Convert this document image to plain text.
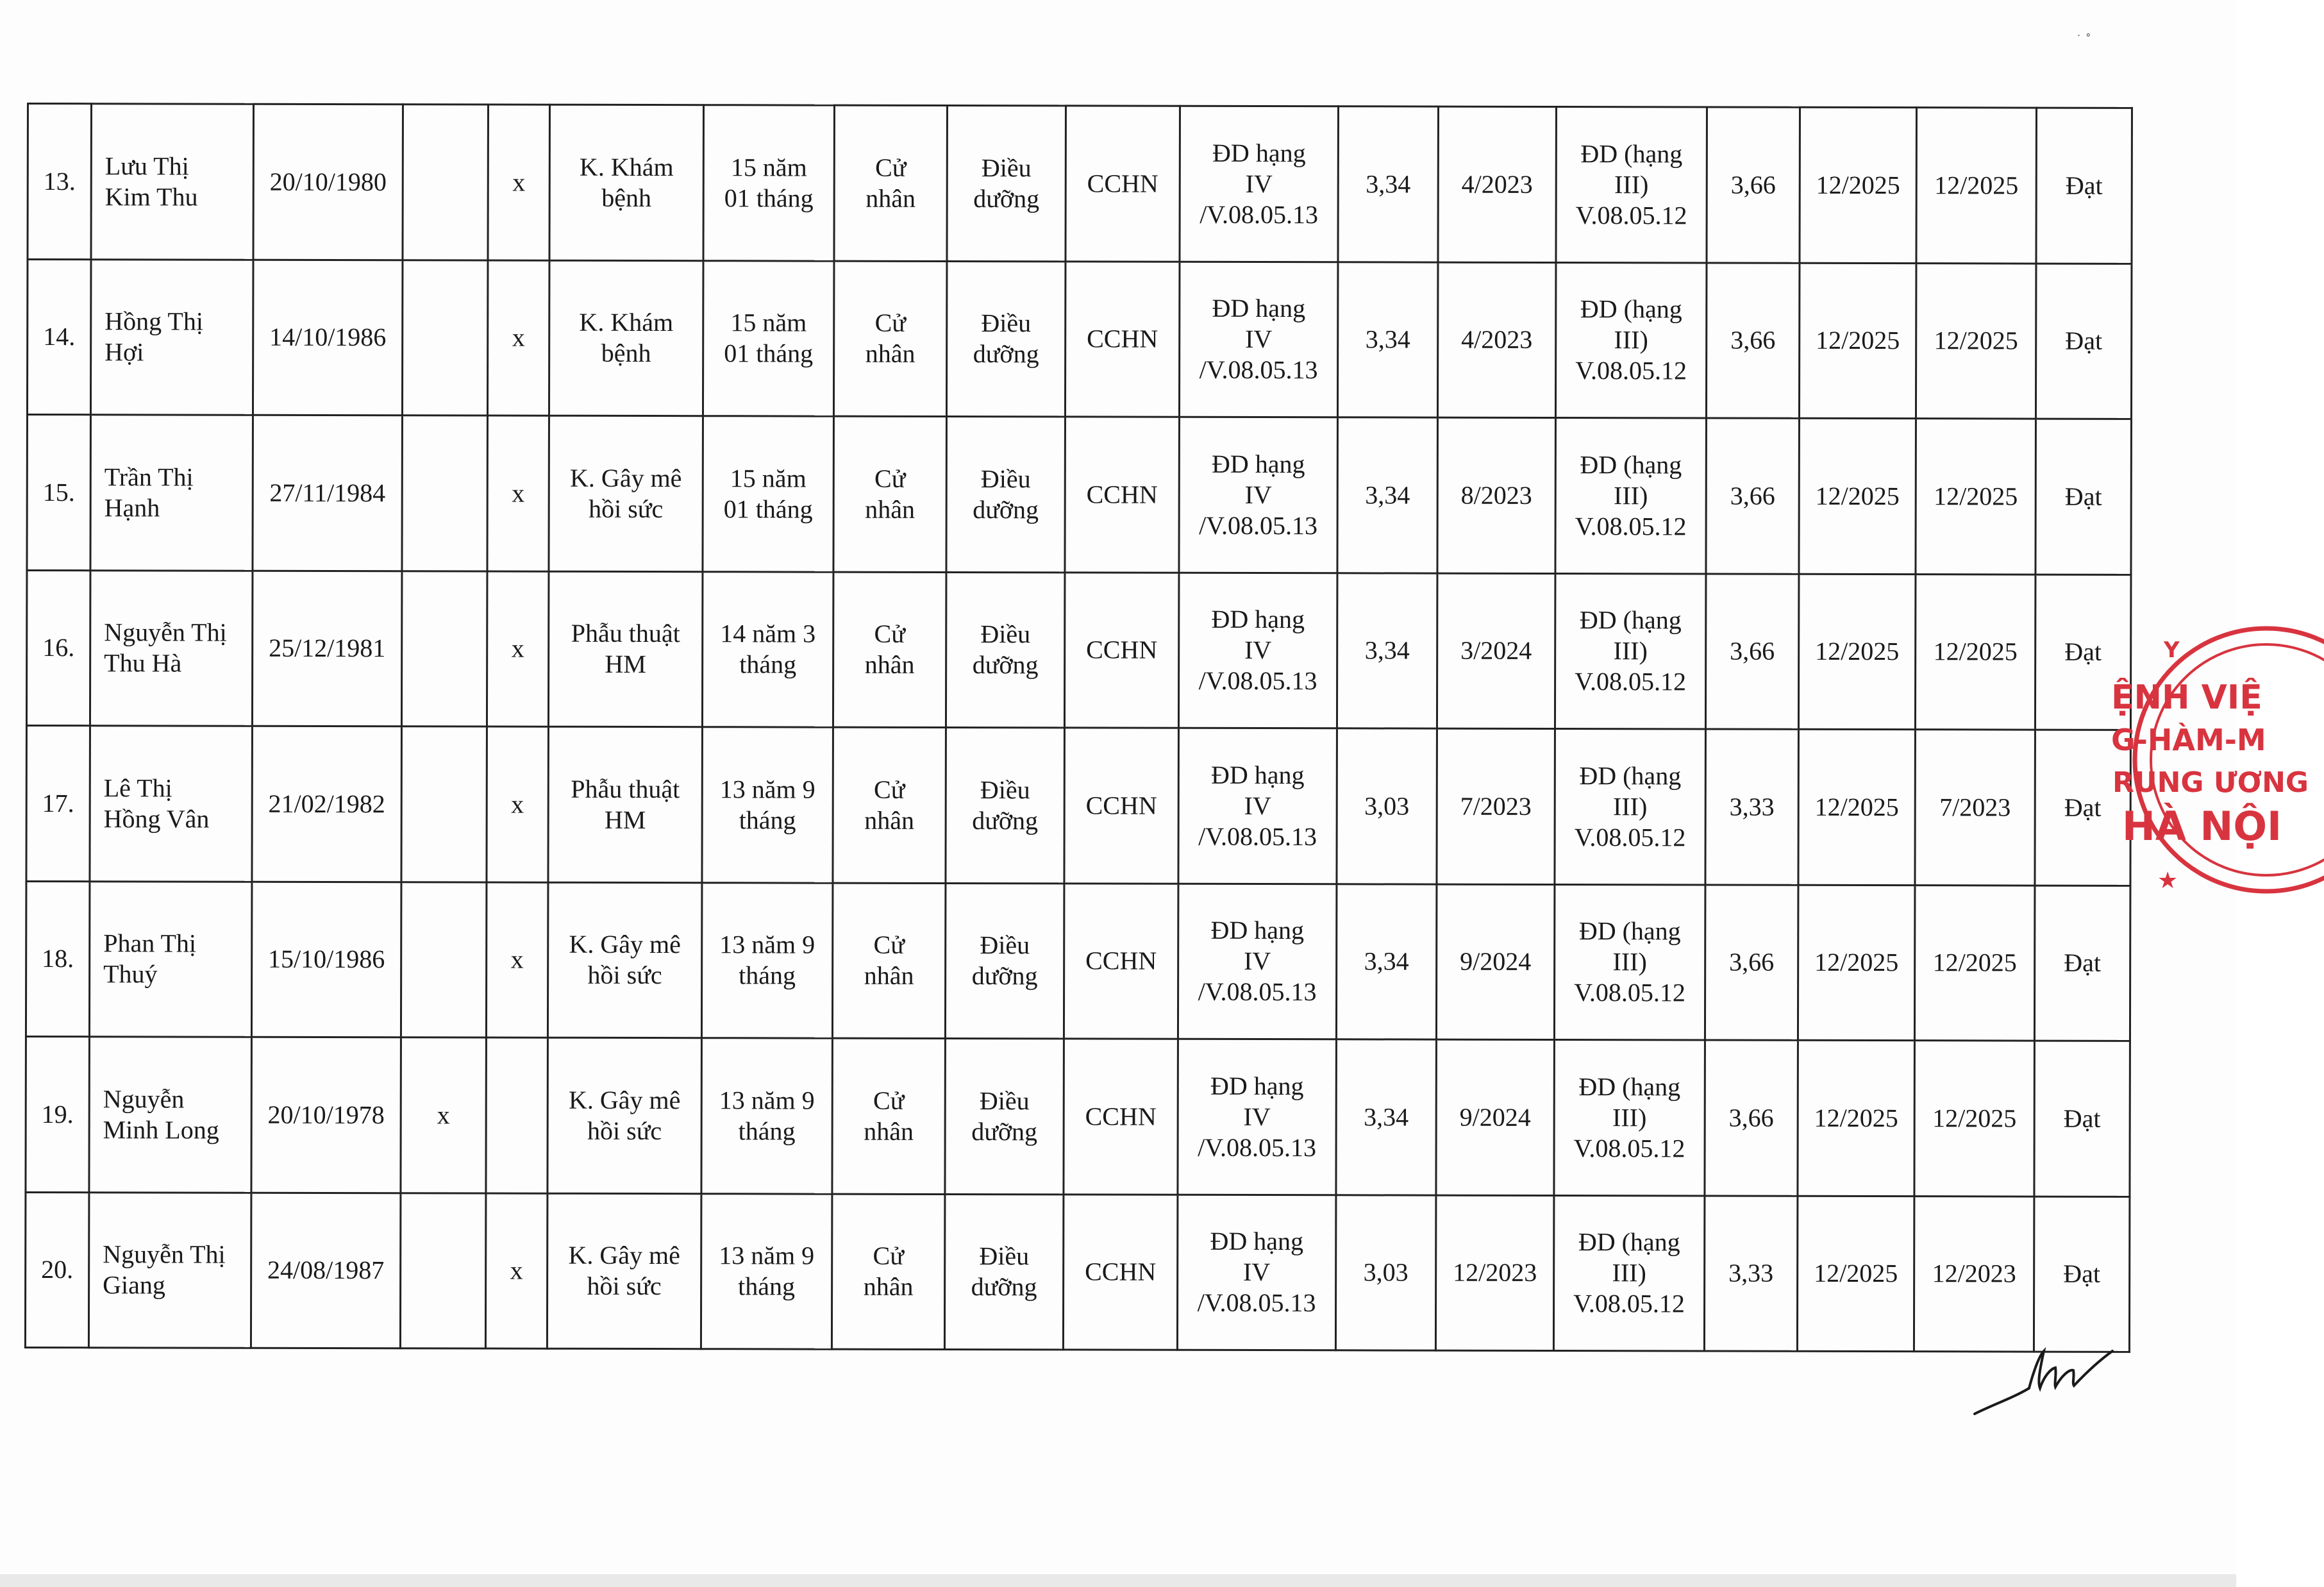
˙ ˚
13.	Lưu Thị
Kim Thu	20/10/1980		x	K. Khám
bệnh	15 năm
01 tháng	Cử
nhân	Điều
dưỡng	CCHN	ĐD hạng
IV
/V.08.05.13	3,34	4/2023	ĐD (hạng
III)
V.08.05.12	3,66	12/2025	12/2025	Đạt
14.	Hồng Thị
Hợi	14/10/1986		x	K. Khám
bệnh	15 năm
01 tháng	Cử
nhân	Điều
dưỡng	CCHN	ĐD hạng
IV
/V.08.05.13	3,34	4/2023	ĐD (hạng
III)
V.08.05.12	3,66	12/2025	12/2025	Đạt
15.	Trần Thị
Hạnh	27/11/1984		x	K. Gây mê
hồi sức	15 năm
01 tháng	Cử
nhân	Điều
dưỡng	CCHN	ĐD hạng
IV
/V.08.05.13	3,34	8/2023	ĐD (hạng
III)
V.08.05.12	3,66	12/2025	12/2025	Đạt
16.	Nguyễn Thị
Thu Hà	25/12/1981		x	Phẫu thuật
HM	14 năm 3
tháng	Cử
nhân	Điều
dưỡng	CCHN	ĐD hạng
IV
/V.08.05.13	3,34	3/2024	ĐD (hạng
III)
V.08.05.12	3,66	12/2025	12/2025	Đạt
17.	Lê Thị
Hồng Vân	21/02/1982		x	Phẫu thuật
HM	13 năm 9
tháng	Cử
nhân	Điều
dưỡng	CCHN	ĐD hạng
IV
/V.08.05.13	3,03	7/2023	ĐD (hạng
III)
V.08.05.12	3,33	12/2025	7/2023	Đạt
18.	Phan Thị
Thuý	15/10/1986		x	K. Gây mê
hồi sức	13 năm 9
tháng	Cử
nhân	Điều
dưỡng	CCHN	ĐD hạng
IV
/V.08.05.13	3,34	9/2024	ĐD (hạng
III)
V.08.05.12	3,66	12/2025	12/2025	Đạt
19.	Nguyễn
Minh Long	20/10/1978	x		K. Gây mê
hồi sức	13 năm 9
tháng	Cử
nhân	Điều
dưỡng	CCHN	ĐD hạng
IV
/V.08.05.13	3,34	9/2024	ĐD (hạng
III)
V.08.05.12	3,66	12/2025	12/2025	Đạt
20.	Nguyễn Thị
Giang	24/08/1987		x	K. Gây mê
hồi sức	13 năm 9
tháng	Cử
nhân	Điều
dưỡng	CCHN	ĐD hạng
IV
/V.08.05.13	3,03	12/2023	ĐD (hạng
III)
V.08.05.12	3,33	12/2025	12/2023	Đạt
Y
ỆNH VIỆ
G-HÀM-M
RUNG ƯƠNG
HÀ NỘI
★
